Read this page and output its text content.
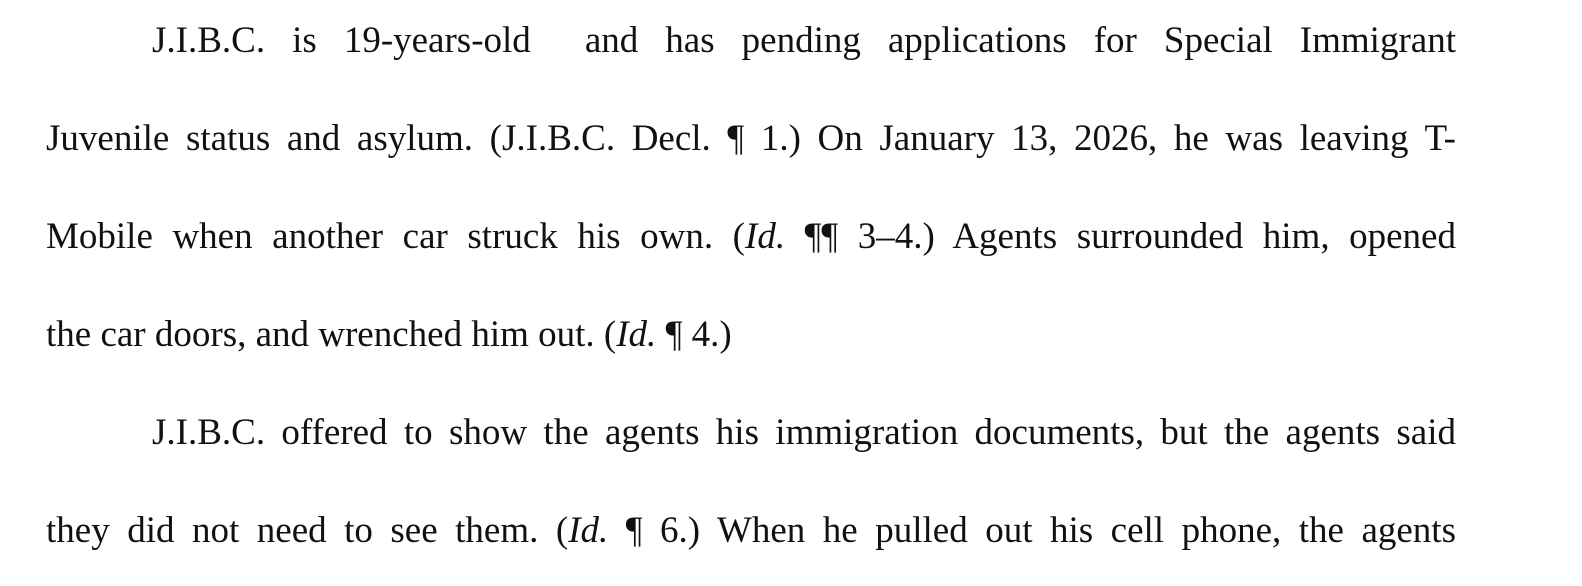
J.I.B.C. is 19-years-old  and has pending applications for Special Immigrant
Juvenile status and asylum. (J.I.B.C. Decl. ¶ 1.) On January 13, 2026, he was leaving T-
Mobile when another car struck his own. (Id. ¶¶ 3–4.) Agents surrounded him, opened
the car doors, and wrenched him out. (Id. ¶ 4.)
J.I.B.C. offered to show the agents his immigration documents, but the agents said
they did not need to see them. (Id. ¶ 6.) When he pulled out his cell phone, the agents
